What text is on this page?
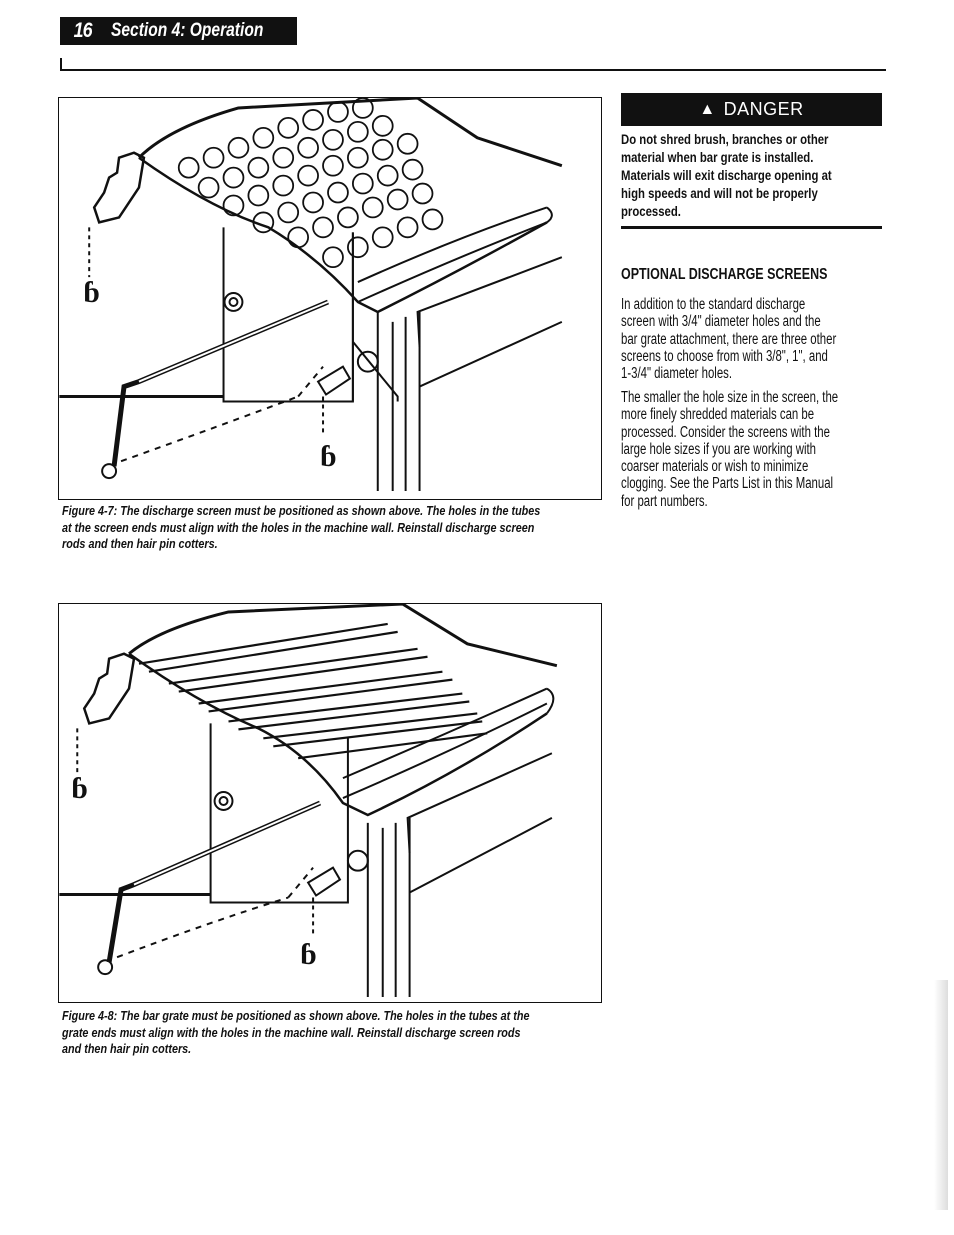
16	Section 4: Operation
ɓ
ɓ
Figure 4-7: The discharge screen must be positioned as shown above. The holes in the tubes
at the screen ends must align with the holes in the machine wall. Reinstall discharge screen
rods and then hair pin cotters.
ɓ
ɓ
Figure 4-8: The bar grate must be positioned as shown above. The holes in the tubes at the
grate ends must align with the holes in the machine wall. Reinstall discharge screen rods
and then hair pin cotters.
▲ DANGER
Do not shred brush, branches or other
material when bar grate is installed.
Materials will exit discharge opening at
high speeds and will not be properly
processed.
OPTIONAL DISCHARGE SCREENS
In addition to the standard discharge
screen with 3/4" diameter holes and the
bar grate attachment, there are three other
screens to choose from with 3/8", 1", and
1-3/4" diameter holes.
The smaller the hole size in the screen, the
more finely shredded materials can be
processed. Consider the screens with the
large hole sizes if you are working with
coarser materials or wish to minimize
clogging. See the Parts List in this Manual
for part numbers.
